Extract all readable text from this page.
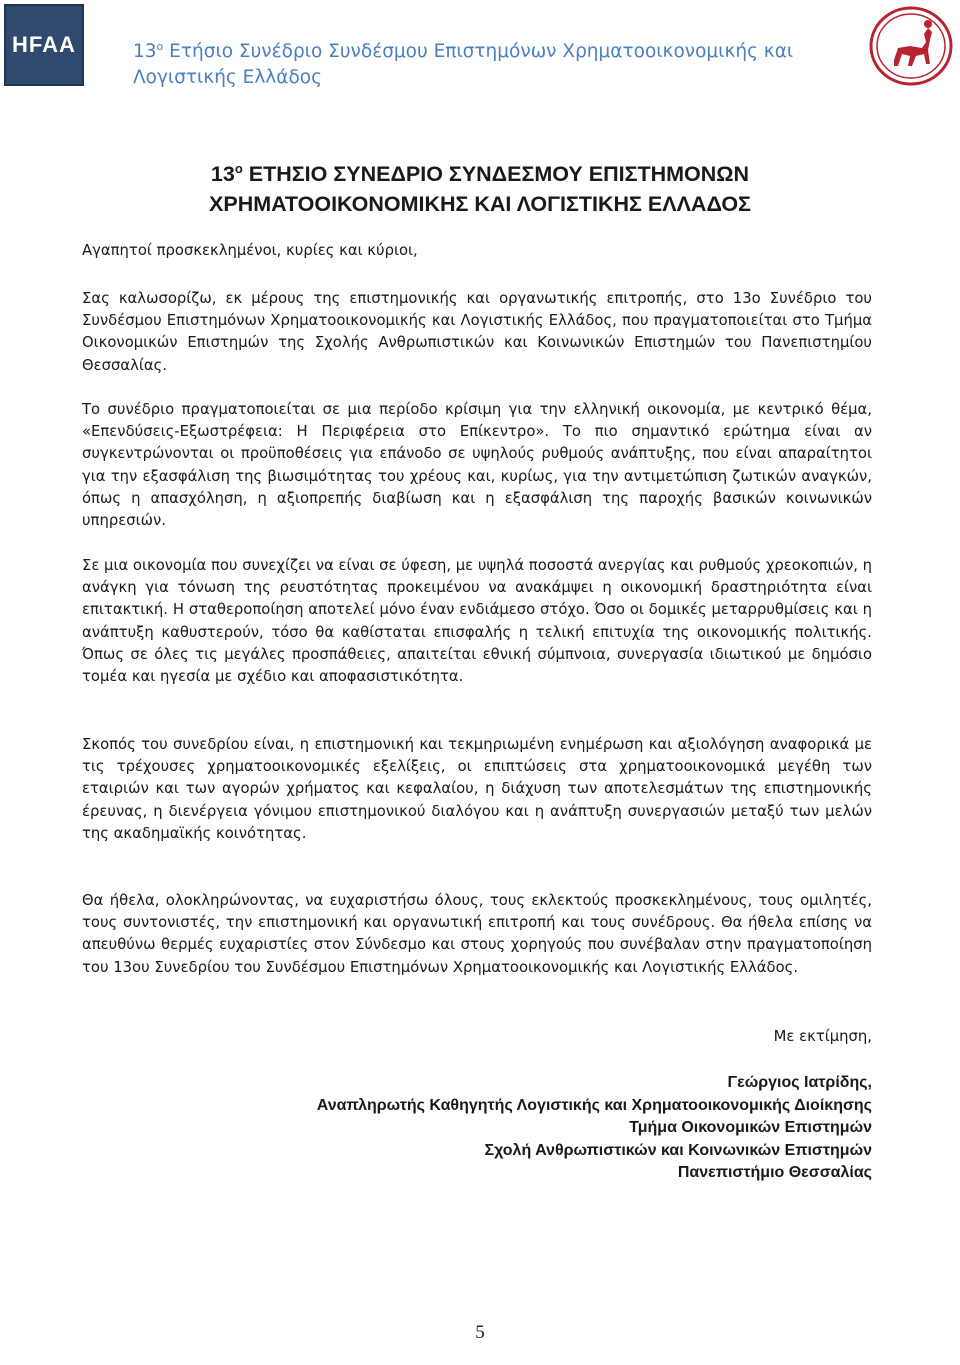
HFAA	$13^o$ Ετήσιο Συνέδριο Συνδέσμου Επιστημόνων Χρηματοοικονομικής και
Λογιστικής Ελλάδος
$13^o$ ΕΤΗΣΙΟ ΣΥΝΕΔΡΙΟ ΣΥΝΔΕΣΜΟΥ ΕΠΙΣΤΗΜΟΝΩΝ
ΧΡΗΜΑΤΟΟΙΚΟΝΟΜΙΚΗΣ ΚΑΙ ΛΟΓΙΣΤΙΚΗΣ ΕΛΛΑΔΟΣ

Αγαπητοί προσκεκλημένοι, κυρίες και κύριοι,

Σας καλωσορίζω, εκ μέρους της επιστημονικής και οργανωτικής επιτροπής, στο 13ο Συνέδριο του Συνδέσμου Επιστημόνων Χρηματοοικονομικής και Λογιστικής Ελλάδος, που πραγματοποιείται στο Τμήμα Οικονομικών Επιστημών της Σχολής Ανθρωπιστικών και Κοινωνικών Επιστημών του Πανεπιστημίου Θεσσαλίας.

Το συνέδριο πραγματοποιείται σε μια περίοδο κρίσιμη για την ελληνική οικονομία, με κεντρικό θέμα, «Επενδύσεις-Εξωστρέφεια: Η Περιφέρεια στο Επίκεντρο». Το πιο σημαντικό ερώτημα είναι αν συγκεντρώνονται οι προϋποθέσεις για επάνοδο σε υψηλούς ρυθμούς ανάπτυξης, που είναι απαραίτητοι για την εξασφάλιση της βιωσιμότητας του χρέους και, κυρίως, για την αντιμετώπιση ζωτικών αναγκών, όπως η απασχόληση, η αξιοπρεπής διαβίωση και η εξασφάλιση της παροχής βασικών κοινωνικών υπηρεσιών.

Σε μια οικονομία που συνεχίζει να είναι σε ύφεση, με υψηλά ποσοστά ανεργίας και ρυθμούς χρεοκοπιών, η ανάγκη για τόνωση της ρευστότητας προκειμένου να ανακάμψει η οικονομική δραστηριότητα είναι επιτακτική. Η σταθεροποίηση αποτελεί μόνο έναν ενδιάμεσο στόχο. Όσο οι δομικές μεταρρυθμίσεις και η ανάπτυξη καθυστερούν, τόσο θα καθίσταται επισφαλής η τελική επιτυχία της οικονομικής πολιτικής. Όπως σε όλες τις μεγάλες προσπάθειες, απαιτείται εθνική σύμπνοια, συνεργασία ιδιωτικού με δημόσιο τομέα και ηγεσία με σχέδιο και αποφασιστικότητα.

Σκοπός του συνεδρίου είναι, η επιστημονική και τεκμηριωμένη ενημέρωση και αξιολόγηση αναφορικά με τις τρέχουσες χρηματοοικονομικές εξελίξεις, οι επιπτώσεις στα χρηματοοικονομικά μεγέθη των εταιριών και των αγορών χρήματος και κεφαλαίου, η διάχυση των αποτελεσμάτων της επιστημονικής έρευνας, η διενέργεια γόνιμου επιστημονικού διαλόγου και η ανάπτυξη συνεργασιών μεταξύ των μελών της ακαδημαϊκής κοινότητας.

Θα ήθελα, ολοκληρώνοντας, να ευχαριστήσω όλους, τους εκλεκτούς προσκεκλημένους, τους ομιλητές, τους συντονιστές, την επιστημονική και οργανωτική επιτροπή και τους συνέδρους. Θα ήθελα επίσης να απευθύνω θερμές ευχαριστίες στον Σύνδεσμο και στους χορηγούς που συνέβαλαν στην πραγματοποίηση του 13ου Συνεδρίου του Συνδέσμου Επιστημόνων Χρηματοοικονομικής και Λογιστικής Ελλάδος.

Με εκτίμηση,
Γεώργιος Ιατρίδης,
Αναπληρωτής Καθηγητής Λογιστικής και Χρηματοοικονομικής Διοίκησης
Τμήμα Οικονομικών Επιστημών
Σχολή Ανθρωπιστικών και Κοινωνικών Επιστημών
Πανεπιστήμιο Θεσσαλίας
5
